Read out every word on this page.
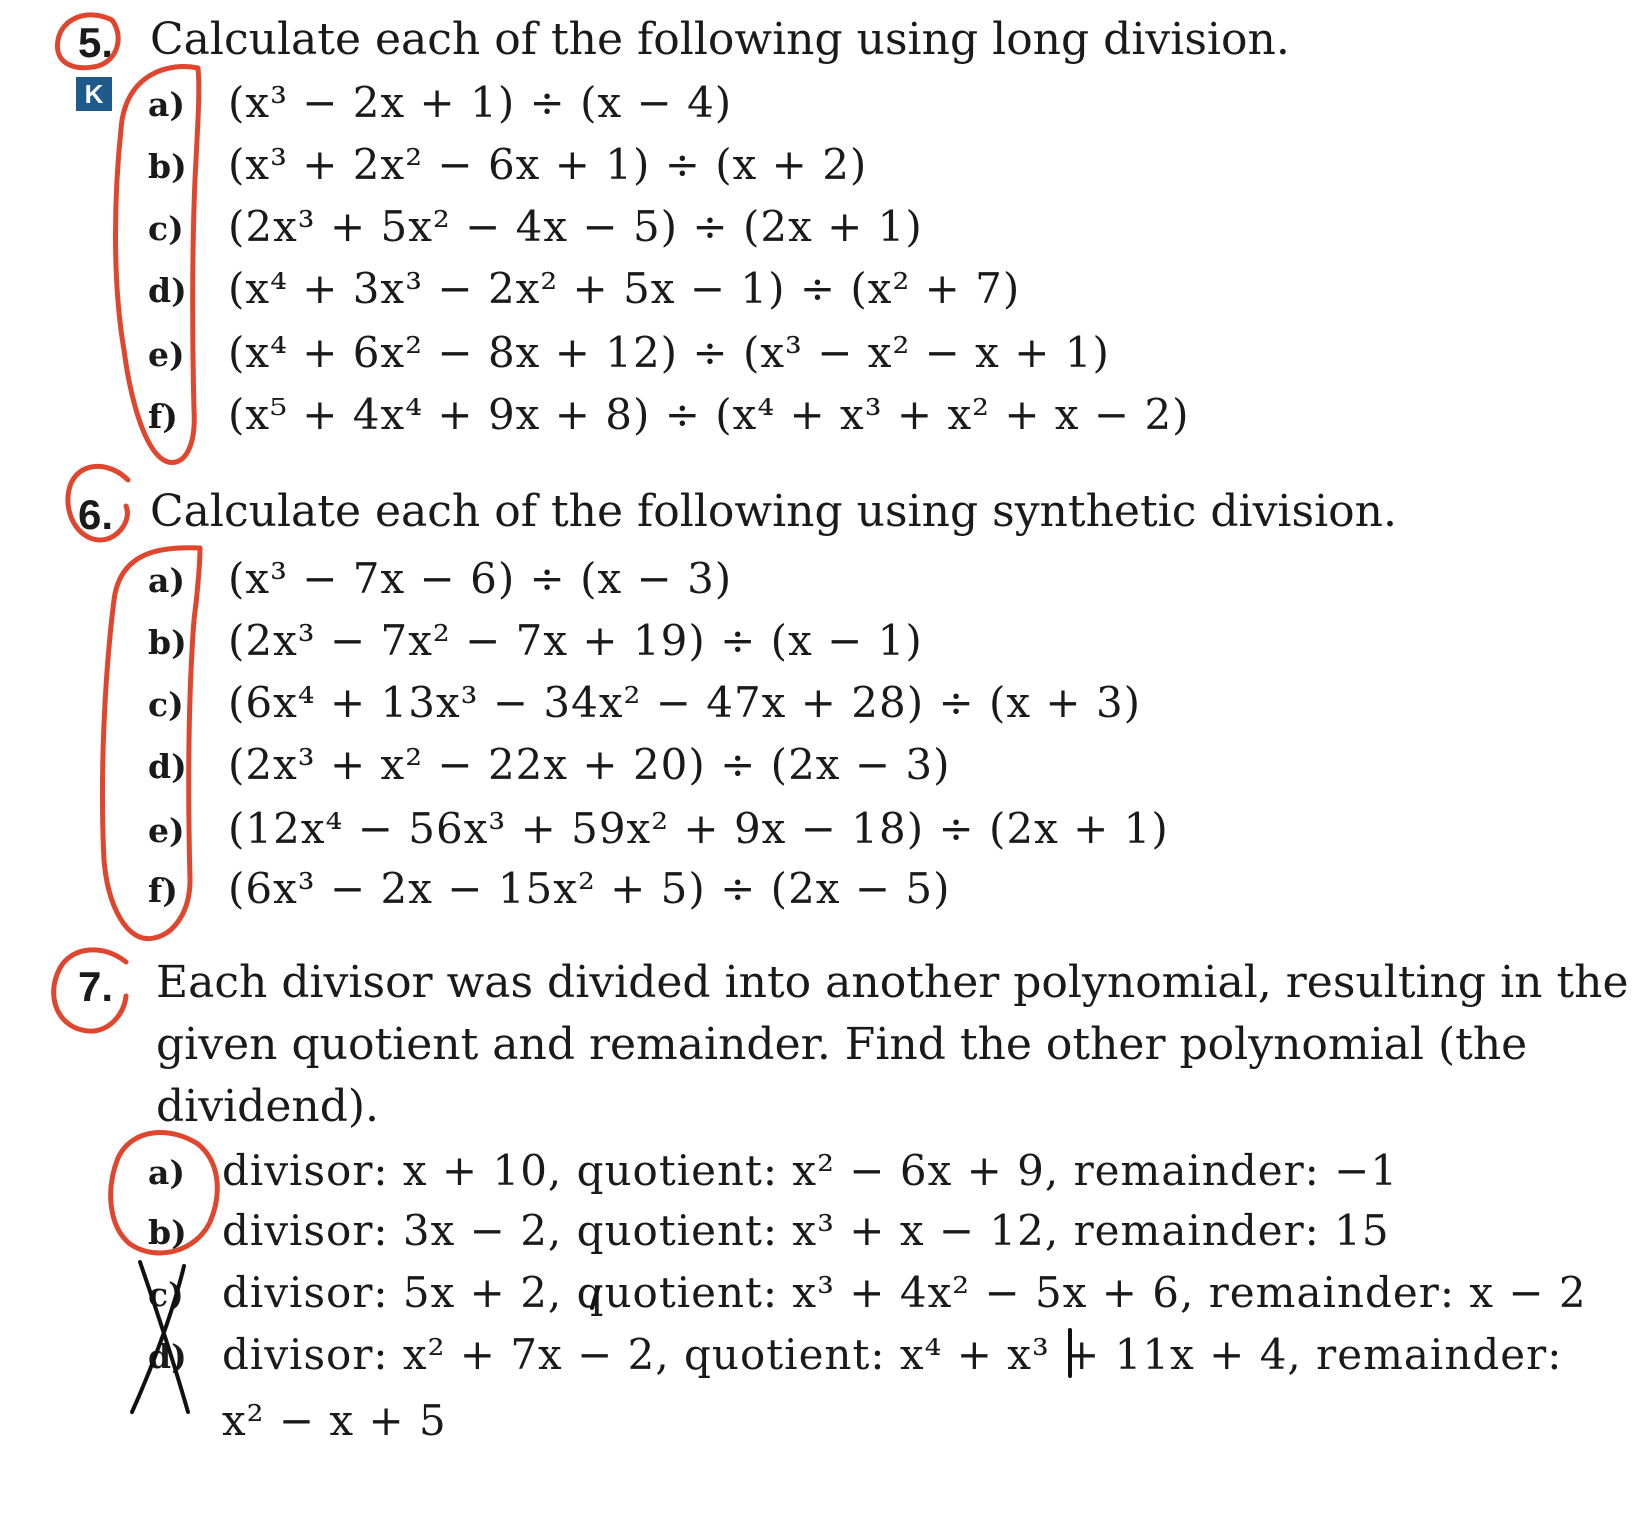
5. Calculate each of the following using long division.
K a) (x³ − 2x + 1) ÷ (x − 4)
b) (x³ + 2x² − 6x + 1) ÷ (x + 2)
c) (2x³ + 5x² − 4x − 5) ÷ (2x + 1)
d) (x⁴ + 3x³ − 2x² + 5x − 1) ÷ (x² + 7)
e) (x⁴ + 6x² − 8x + 12) ÷ (x³ − x² − x + 1)
f) (x⁵ + 4x⁴ + 9x + 8) ÷ (x⁴ + x³ + x² + x − 2)
6. Calculate each of the following using synthetic division.
a) (x³ − 7x − 6) ÷ (x − 3)
b) (2x³ − 7x² − 7x + 19) ÷ (x − 1)
c) (6x⁴ + 13x³ − 34x² − 47x + 28) ÷ (x + 3)
d) (2x³ + x² − 22x + 20) ÷ (2x − 3)
e) (12x⁴ − 56x³ + 59x² + 9x − 18) ÷ (2x + 1)
f) (6x³ − 2x − 15x² + 5) ÷ (2x − 5)
7. Each divisor was divided into another polynomial, resulting in the
given quotient and remainder. Find the other polynomial (the
dividend).
a) divisor: x + 10, quotient: x² − 6x + 9, remainder: −1
b) divisor: 3x − 2, quotient: x³ + x − 12, remainder: 15
c) divisor: 5x + 2, quotient: x³ + 4x² − 5x + 6, remainder: x − 2
d) divisor: x² + 7x − 2, quotient: x⁴ + x³ + 11x + 4, remainder:
x² − x + 5
